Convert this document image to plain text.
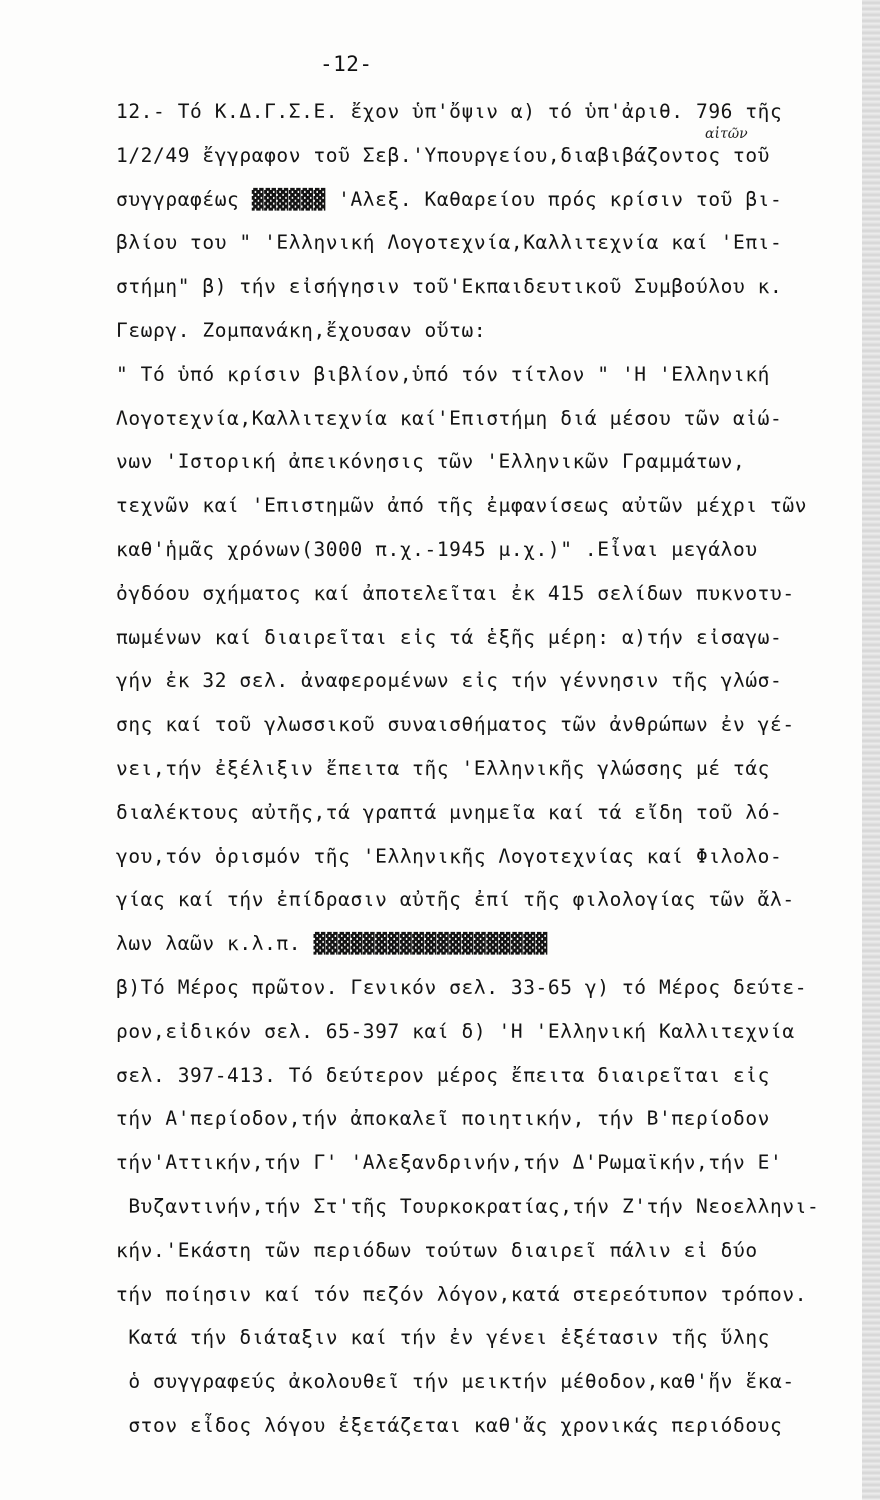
-12-
αἰτῶν
12.- Τό Κ.Δ.Γ.Σ.Ε. ἔχον ὑπ'ὄψιν α) τό ὑπ'ἀριθ. 796 τῆς
1/2/49 ἔγγραφον τοῦ Σεβ.'Υπουργείου,διαβιβάζοντος τοῦ
συγγραφέως ▓▓▓▓▓▓ 'Αλεξ. Καθαρείου πρός κρίσιν τοῦ βι-
βλίου του " 'Ελληνική Λογοτεχνία,Καλλιτεχνία καί 'Επι-
στήμη" β) τήν εἰσήγησιν τοῦ'Εκπαιδευτικοῦ Συμβούλου κ.
Γεωργ. Ζομπανάκη,ἔχουσαν οὕτω:
" Τό ὑπό κρίσιν βιβλίον,ὑπό τόν τίτλον " 'Η 'Ελληνική
Λογοτεχνία,Καλλιτεχνία καί'Επιστήμη διά μέσου τῶν αἰώ-
νων 'Ιστορική ἀπεικόνησις τῶν 'Ελληνικῶν Γραμμάτων,
τεχνῶν καί 'Επιστημῶν ἀπό τῆς ἐμφανίσεως αὐτῶν μέχρι τῶν
καθ'ἡμᾶς χρόνων(3000 π.χ.-1945 μ.χ.)" .Εἶναι μεγάλου
ὀγδόου σχήματος καί ἀποτελεῖται ἐκ 415 σελίδων πυκνοτυ-
πωμένων καί διαιρεῖται εἰς τά ἑξῆς μέρη: α)τήν εἰσαγω-
γήν ἐκ 32 σελ. ἀναφερομένων εἰς τήν γέννησιν τῆς γλώσ-
σης καί τοῦ γλωσσικοῦ συναισθήματος τῶν ἀνθρώπων ἐν γέ-
νει,τήν ἐξέλιξιν ἔπειτα τῆς 'Ελληνικῆς γλώσσης μέ τάς
διαλέκτους αὐτῆς,τά γραπτά μνημεῖα καί τά εἴδη τοῦ λό-
γου,τόν ὁρισμόν τῆς 'Ελληνικῆς Λογοτεχνίας καί Φιλολο-
γίας καί τήν ἐπίδρασιν αὐτῆς ἐπί τῆς φιλολογίας τῶν ἄλ-
λων λαῶν κ.λ.π. ▓▓▓▓▓▓▓▓▓▓▓▓▓▓▓▓▓▓▓
β)Τό Μέρος πρῶτον. Γενικόν σελ. 33-65 γ) τό Μέρος δεύτε-
ρον,εἰδικόν σελ. 65-397 καί δ) 'Η 'Ελληνική Καλλιτεχνία
σελ. 397-413. Τό δεύτερον μέρος ἔπειτα διαιρεῖται εἰς
τήν Α'περίοδον,τήν ἀποκαλεῖ ποιητικήν, τήν Β'περίοδον
τήν'Αττικήν,τήν Γ' 'Αλεξανδρινήν,τήν Δ'Ρωμαϊκήν,τήν Ε'
Βυζαντινήν,τήν Στ'τῆς Τουρκοκρατίας,τήν Ζ'τήν Νεοελληνι-
κήν.'Εκάστη τῶν περιόδων τούτων διαιρεῖ πάλιν εἰ δύο
τήν ποίησιν καί τόν πεζόν λόγον,κατά στερεότυπον τρόπον.
Κατά τήν διάταξιν καί τήν ἐν γένει ἐξέτασιν τῆς ὕλης
ὁ συγγραφεύς ἀκολουθεῖ τήν μεικτήν μέθοδον,καθ'ἥν ἕκα-
στον εἶδος λόγου ἐξετάζεται καθ'ἄς χρονικάς περιόδους
